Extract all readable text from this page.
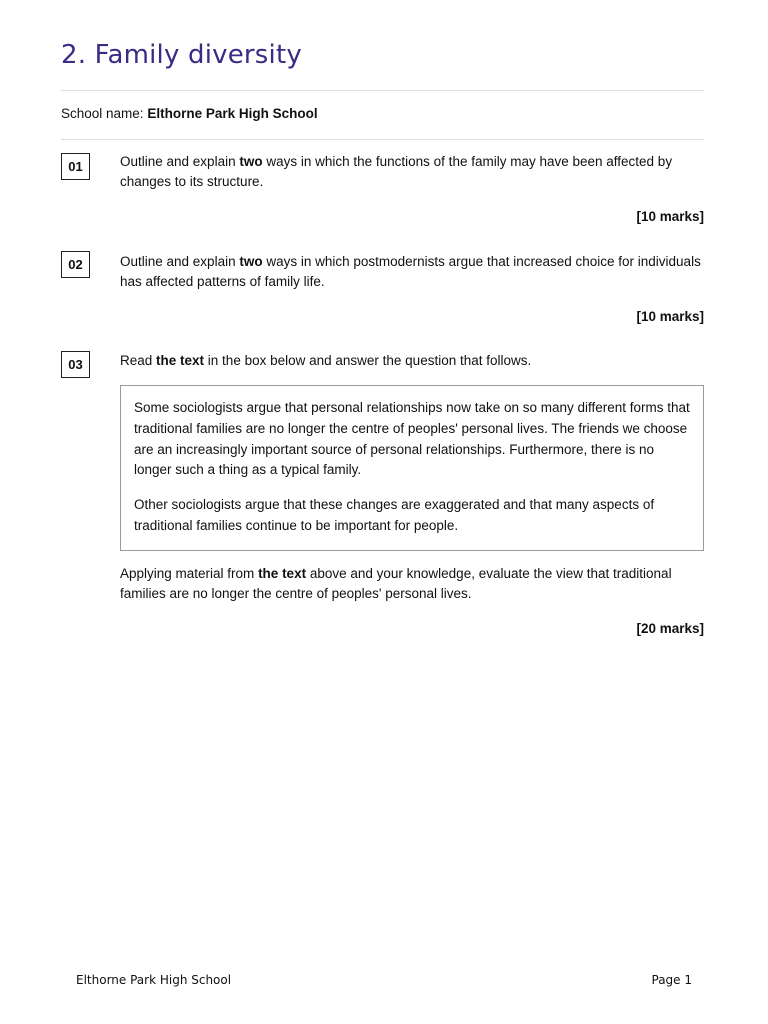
2. Family diversity
School name: Elthorne Park High School
01	Outline and explain two ways in which the functions of the family may have been affected by changes to its structure.
[10 marks]
02	Outline and explain two ways in which postmodernists argue that increased choice for individuals has affected patterns of family life.
[10 marks]
03	Read the text in the box below and answer the question that follows.

Some sociologists argue that personal relationships now take on so many different forms that traditional families are no longer the centre of peoples' personal lives. The friends we choose are an increasingly important source of personal relationships. Furthermore, there is no longer such a thing as a typical family.

Other sociologists argue that these changes are exaggerated and that many aspects of traditional families continue to be important for people.

Applying material from the text above and your knowledge, evaluate the view that traditional families are no longer the centre of peoples' personal lives.
[20 marks]
Elthorne Park High School	Page 1
